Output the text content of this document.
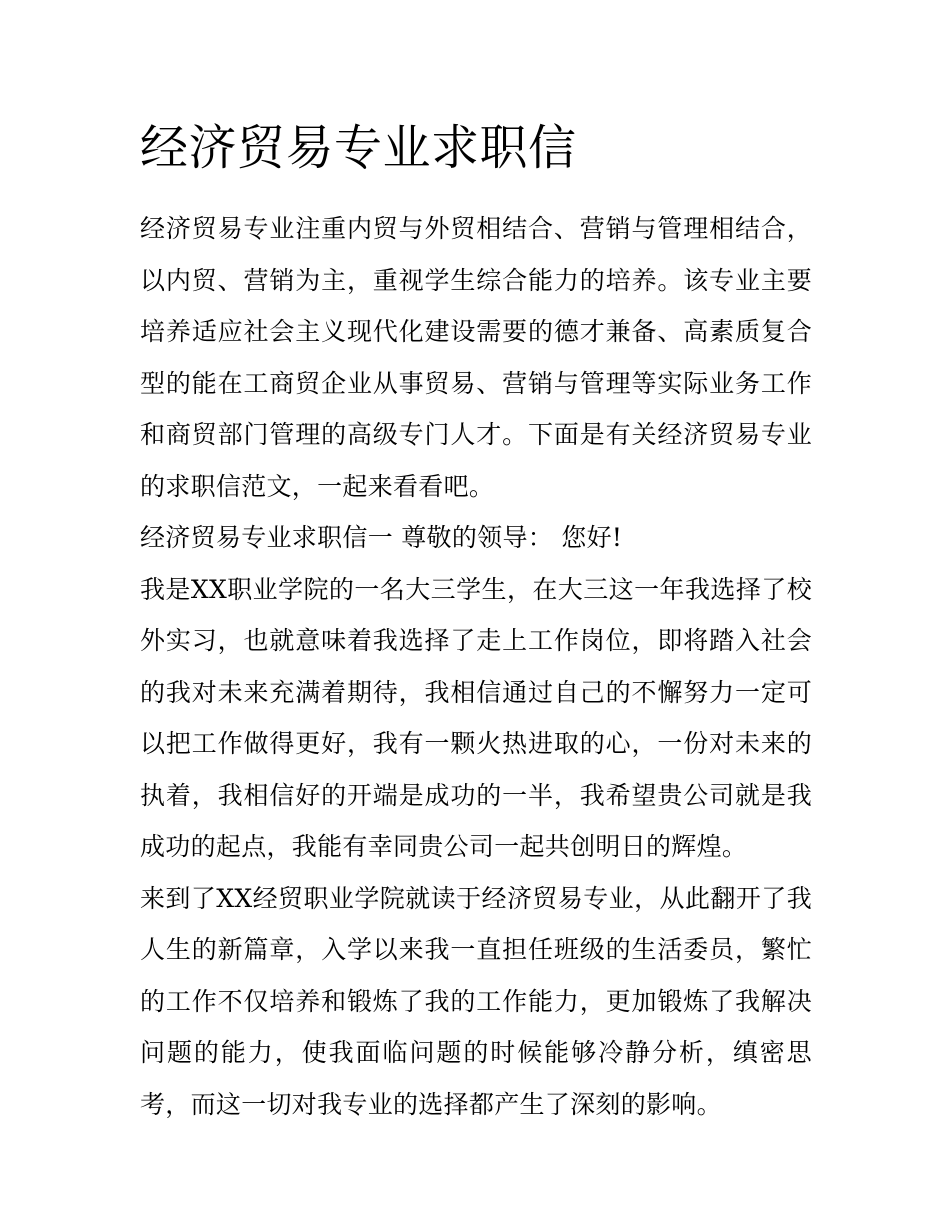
经济贸易专业求职信

经济贸易专业注重内贸与外贸相结合、营销与管理相结合，以内贸、营销为主，重视学生综合能力的培养。该专业主要培养适应社会主义现代化建设需要的德才兼备、高素质复合型的能在工商贸企业从事贸易、营销与管理等实际业务工作和商贸部门管理的高级专门人才。下面是有关经济贸易专业的求职信范文，一起来看看吧。

经济贸易专业求职信一 尊敬的领导： 您好!

我是XX职业学院的一名大三学生，在大三这一年我选择了校外实习，也就意味着我选择了走上工作岗位，即将踏入社会的我对未来充满着期待，我相信通过自己的不懈努力一定可以把工作做得更好，我有一颗火热进取的心，一份对未来的执着，我相信好的开端是成功的一半，我希望贵公司就是我成功的起点，我能有幸同贵公司一起共创明日的辉煌。

来到了XX经贸职业学院就读于经济贸易专业，从此翻开了我人生的新篇章，入学以来我一直担任班级的生活委员，繁忙的工作不仅培养和锻炼了我的工作能力，更加锻炼了我解决问题的能力，使我面临问题的时候能够冷静分析，缜密思考，而这一切对我专业的选择都产生了深刻的影响。
